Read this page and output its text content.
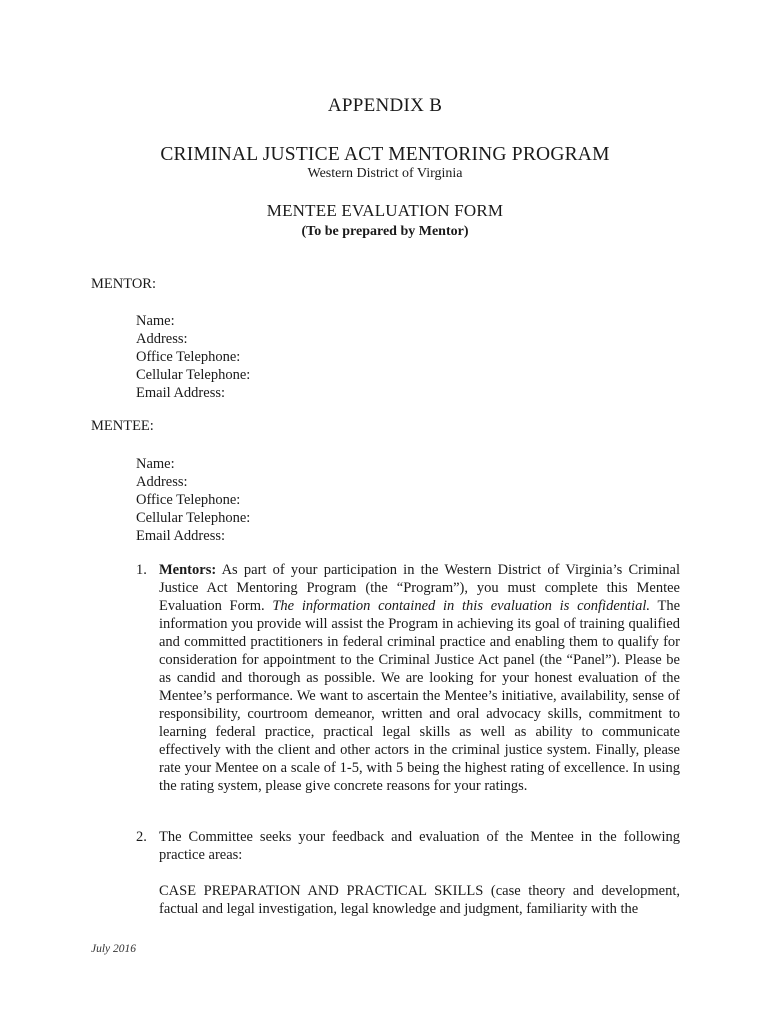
APPENDIX B
CRIMINAL JUSTICE ACT MENTORING PROGRAM
Western District of Virginia
MENTEE EVALUATION FORM
(To be prepared by Mentor)
MENTOR:
Name:
Address:
Office Telephone:
Cellular Telephone:
Email Address:
MENTEE:
Name:
Address:
Office Telephone:
Cellular Telephone:
Email Address:
1. Mentors: As part of your participation in the Western District of Virginia’s Criminal Justice Act Mentoring Program (the “Program”), you must complete this Mentee Evaluation Form. The information contained in this evaluation is confidential. The information you provide will assist the Program in achieving its goal of training qualified and committed practitioners in federal criminal practice and enabling them to qualify for consideration for appointment to the Criminal Justice Act panel (the “Panel”). Please be as candid and thorough as possible. We are looking for your honest evaluation of the Mentee’s performance. We want to ascertain the Mentee’s initiative, availability, sense of responsibility, courtroom demeanor, written and oral advocacy skills, commitment to learning federal practice, practical legal skills as well as ability to communicate effectively with the client and other actors in the criminal justice system. Finally, please rate your Mentee on a scale of 1-5, with 5 being the highest rating of excellence. In using the rating system, please give concrete reasons for your ratings.
2. The Committee seeks your feedback and evaluation of the Mentee in the following practice areas:
CASE PREPARATION AND PRACTICAL SKILLS (case theory and development, factual and legal investigation, legal knowledge and judgment, familiarity with the
July 2016
